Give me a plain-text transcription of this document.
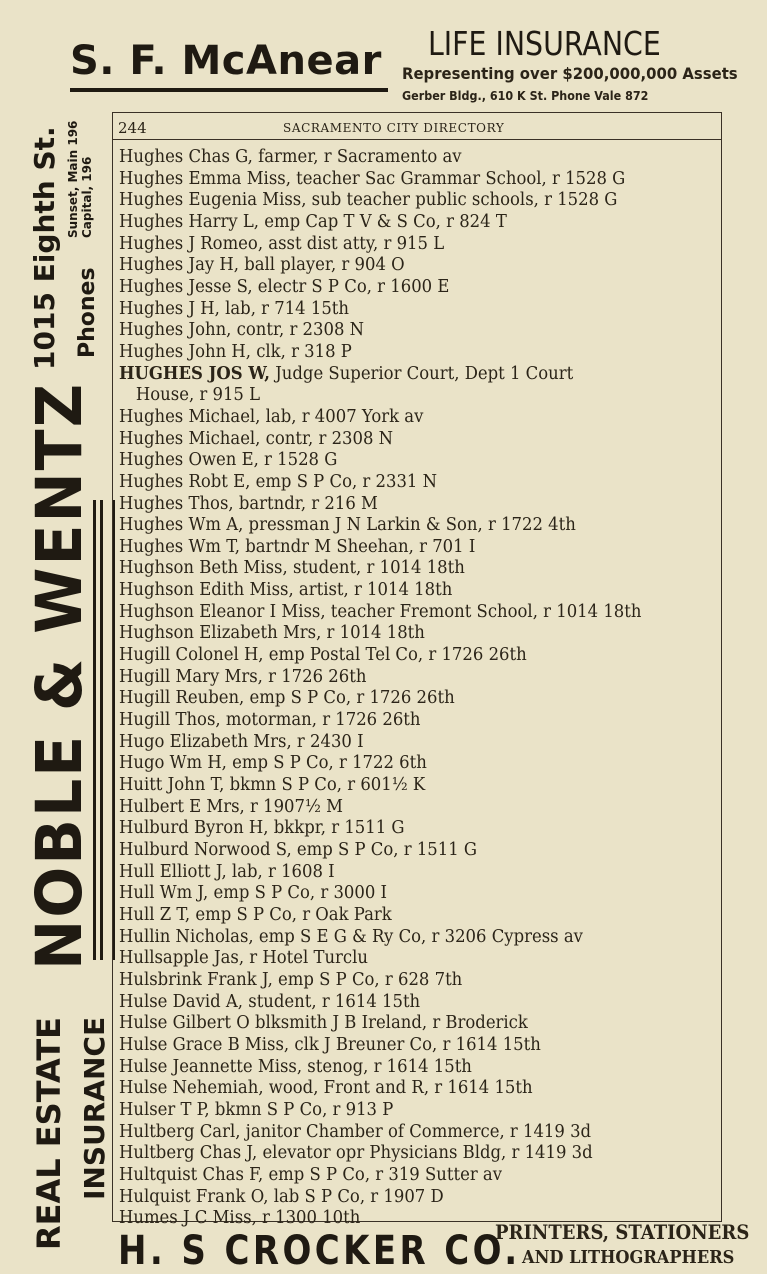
S. F. McAnear LIFE INSURANCE
Representing over $200,000,000 Assets
Gerber Bldg., 610 K St. Phone Vale 872
1015 Eighth St. Phones
Sunset, Main 196 Capital, 196
NOBLE & WENTZ
REAL ESTATE INSURANCE
244	SACRAMENTO CITY DIRECTORY
Hughes Chas G, farmer, r Sacramento av
Hughes Emma Miss, teacher Sac Grammar School, r 1528 G
Hughes Eugenia Miss, sub teacher public schools, r 1528 G
Hughes Harry L, emp Cap T V & S Co, r 824 T
Hughes J Romeo, asst dist atty, r 915 L
Hughes Jay H, ball player, r 904 O
Hughes Jesse S, electr S P Co, r 1600 E
Hughes J H, lab, r 714 15th
Hughes John, contr, r 2308 N
Hughes John H, clk, r 318 P
HUGHES JOS W, Judge Superior Court, Dept 1 Court
House, r 915 L
Hughes Michael, lab, r 4007 York av
Hughes Michael, contr, r 2308 N
Hughes Owen E, r 1528 G
Hughes Robt E, emp S P Co, r 2331 N
Hughes Thos, bartndr, r 216 M
Hughes Wm A, pressman J N Larkin & Son, r 1722 4th
Hughes Wm T, bartndr M Sheehan, r 701 I
Hughson Beth Miss, student, r 1014 18th
Hughson Edith Miss, artist, r 1014 18th
Hughson Eleanor I Miss, teacher Fremont School, r 1014 18th
Hughson Elizabeth Mrs, r 1014 18th
Hugill Colonel H, emp Postal Tel Co, r 1726 26th
Hugill Mary Mrs, r 1726 26th
Hugill Reuben, emp S P Co, r 1726 26th
Hugill Thos, motorman, r 1726 26th
Hugo Elizabeth Mrs, r 2430 I
Hugo Wm H, emp S P Co, r 1722 6th
Huitt John T, bkmn S P Co, r 601½ K
Hulbert E Mrs, r 1907½ M
Hulburd Byron H, bkkpr, r 1511 G
Hulburd Norwood S, emp S P Co, r 1511 G
Hull Elliott J, lab, r 1608 I
Hull Wm J, emp S P Co, r 3000 I
Hull Z T, emp S P Co, r Oak Park
Hullin Nicholas, emp S E G & Ry Co, r 3206 Cypress av
Hullsapple Jas, r Hotel Turclu
Hulsbrink Frank J, emp S P Co, r 628 7th
Hulse David A, student, r 1614 15th
Hulse Gilbert O blksmith J B Ireland, r Broderick
Hulse Grace B Miss, clk J Breuner Co, r 1614 15th
Hulse Jeannette Miss, stenog, r 1614 15th
Hulse Nehemiah, wood, Front and R, r 1614 15th
Hulser T P, bkmn S P Co, r 913 P
Hultberg Carl, janitor Chamber of Commerce, r 1419 3d
Hultberg Chas J, elevator opr Physicians Bldg, r 1419 3d
Hultquist Chas F, emp S P Co, r 319 Sutter av
Hulquist Frank O, lab S P Co, r 1907 D
Humes J C Miss, r 1300 10th
H. S CROCKER CO.
PRINTERS, STATIONERS
AND LITHOGRAPHERS
